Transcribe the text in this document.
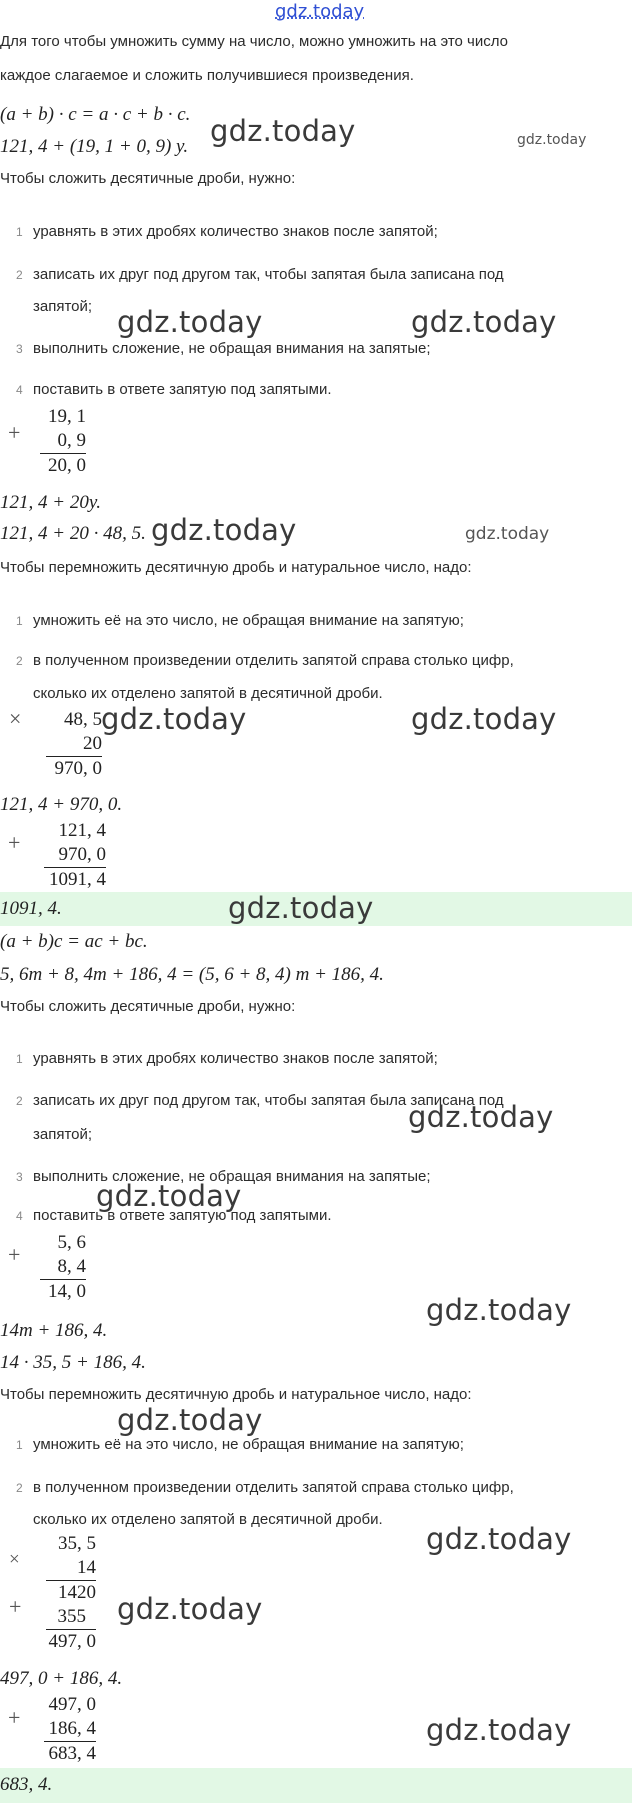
gdz.today
Для того чтобы умножить сумму на число, можно умножить на это число
каждое слагаемое и сложить получившиеся произведения.
(a + b) · c = a · c + b · c.
121, 4 + (19, 1 + 0, 9) y. gdz.today	gdz.today
Чтобы сложить десятичные дроби, нужно:
1 уравнять в этих дробях количество знаков после запятой;
2 записать их друг под другом так, чтобы запятая была записана под
запятой; gdz.today	gdz.today
3 выполнить сложение, не обращая внимания на запятые;
4 поставить в ответе запятую под запятыми.
+
19, 1
0, 9
20, 0
121, 4 + 20y.
121, 4 + 20 · 48, 5. gdz.today	gdz.today
Чтобы перемножить десятичную дробь и натуральное число, надо:
1 умножить её на это число, не обращая внимание на запятую;
2 в полученном произведении отделить запятой справа столько цифр,
сколько их отделено запятой в десятичной дроби.
×	48, 5
20
970, 0
gdz.today	gdz.today
121, 4 + 970, 0.
+	121, 4
970, 0
1091, 4
1091, 4.	gdz.today
(a + b)c = ac + bc.
5, 6m + 8, 4m + 186, 4 = (5, 6 + 8, 4) m + 186, 4.
Чтобы сложить десятичные дроби, нужно:
1 уравнять в этих дробях количество знаков после запятой;
2 записать их друг под другом так, чтобы запятая была записана под
запятой;
gdz.today
3 выполнить сложение, не обращая внимания на запятые;
gdz.today
4 поставить в ответе запятую под запятыми.
+	5, 6
8, 4
14, 0
14m + 186, 4.
gdz.today
14 · 35, 5 + 186, 4.
Чтобы перемножить десятичную дробь и натуральное число, надо:
gdz.today
1 умножить её на это число, не обращая внимание на запятую;
2 в полученном произведении отделить запятой справа столько цифр,
сколько их отделено запятой в десятичной дроби.
gdz.today
×
+
35, 5
14
1420
355
497, 0
gdz.today
497, 0 + 186, 4.
+
497, 0
186, 4
683, 4
gdz.today
683, 4.
